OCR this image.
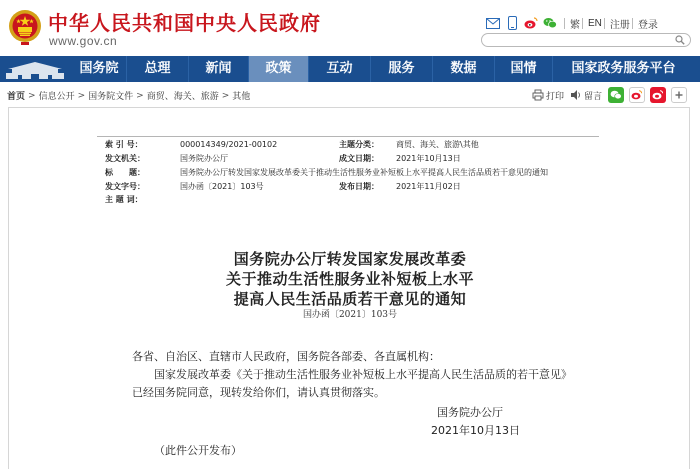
中华人民共和国中央人民政府
www.gov.cn
繁 EN 注册 登录
国务院	总理	新闻	政策	互动	服务	数据	国情	国家政务服务平台
首页 > 信息公开 > 国务院文件 > 商贸、海关、旅游 > 其他	打印 留言
索 引 号：	000014349/2021-00102	主题分类： 商贸、海关、旅游\其他
发文机关：	国务院办公厅	成文日期： 2021年10月13日
标　　题：	国务院办公厅转发国家发展改革委关于推动生活性服务业补短板上水平提高人民生活品质若干意见的通知
发文字号：	国办函〔2021〕103号	发布日期： 2021年11月02日
主 题 词：
国务院办公厅转发国家发展改革委
关于推动生活性服务业补短板上水平
提高人民生活品质若干意见的通知
国办函〔2021〕103号
各省、自治区、直辖市人民政府，国务院各部委、各直属机构：
国家发展改革委《关于推动生活性服务业补短板上水平提高人民生活品质的若干意见》
已经国务院同意，现转发给你们，请认真贯彻落实。
国务院办公厅
2021年10月13日
（此件公开发布）
